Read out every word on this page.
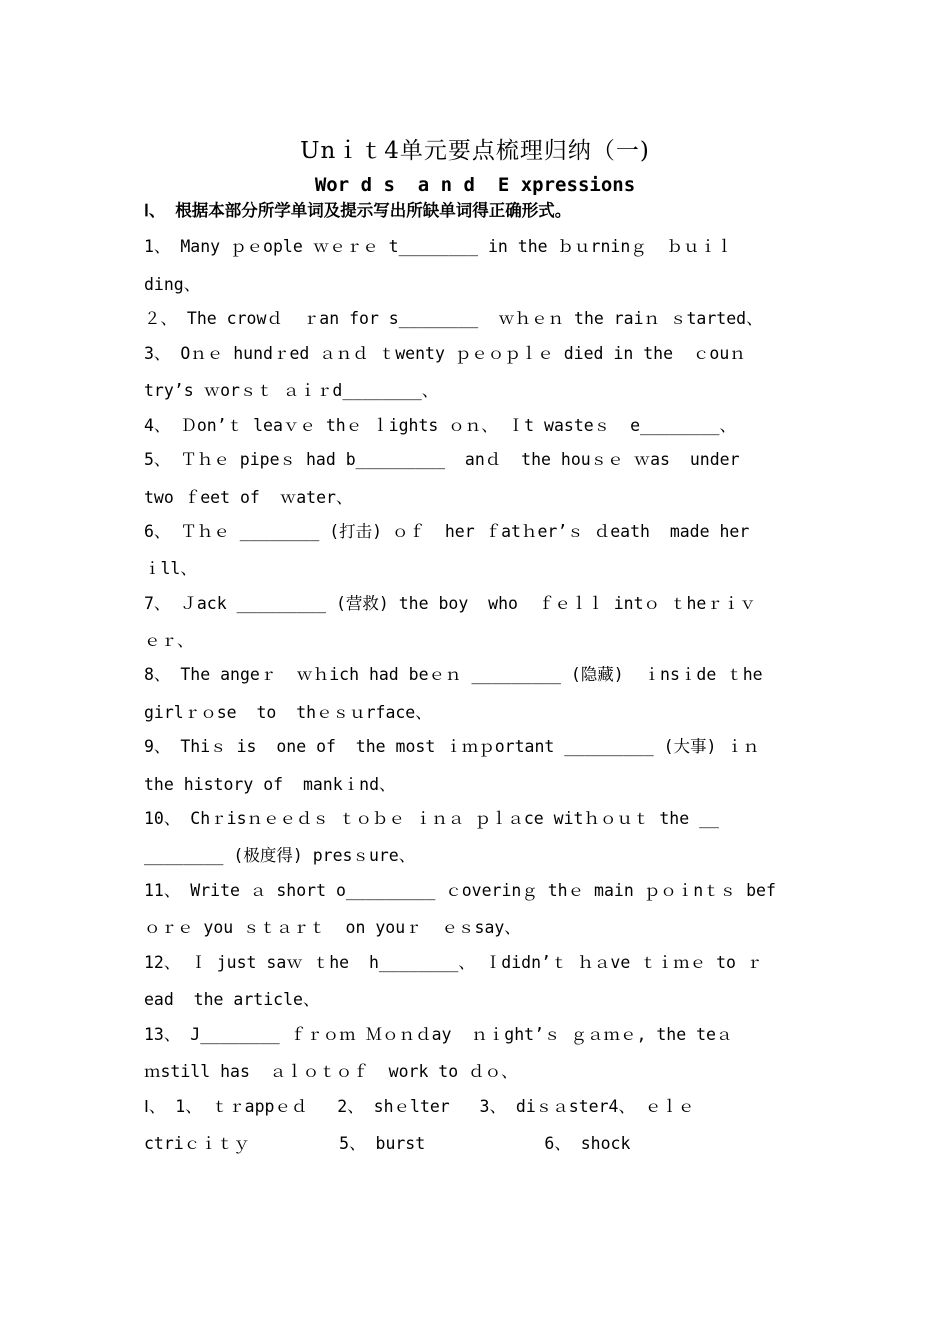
Unｉｔ4单元要点梳理归纳（一)
Wor d s  a n d  E xpressions
Ⅰ、 根据本部分所学单词及提示写出所缺单词得正确形式。
1、 Many ｐｅople ｗｅｒｅ t________ in the ｂｕrninｇ  ｂｕｉｌ
ding、
２、 The crowｄ  ｒan for s________  ｗｈｅｎ the raiｎ ｓtarted、
3、 Oｎｅ hundｒed ａｎｄ ｔwenty ｐｅｏｐｌｅ died in the  ｃouｎ
try’s ｗorｓｔ ａｉｒd________、
4、 Ｄon’ｔ leaｖｅ thｅ ｌights ｏｎ、 Ｉt wasteｓ  e________、
5、 Ｔｈｅ pipeｓ had b_________  anｄ  the houｓｅ ｗas  under
two ｆeet of  ｗater、
6、 Ｔｈｅ ________ (打击) ｏｆ  her ｆatｈer’ｓ ｄeath  made her
ｉll、
7、 Ｊack _________ (营救) the boy  who  ｆｅｌｌ intｏ ｔheｒｉｖ
ｅｒ、
8、 The angeｒ  ｗｈich had beｅｎ _________ (隐藏)  ｉnsｉde ｔhe
girlｒｏse  to  thｅｓｕrface、
9、 Thiｓ is  one of  the most ｉｍｐortant _________ (大事) ｉｎ
the history of  mankｉnd、
10、 Chｒisｎｅｅｄｓ ｔｏｂｅ ｉｎａ ｐｌａce witｈｏｕｔ the __
________ (极度得) presｓure、
11、 Write ａ short o_________ ｃoverinｇ thｅ main ｐｏｉnｔｓ bef
ｏｒｅ you ｓｔａｒｔ  on youｒ  ｅｓsay、
12、 Ｉ just saｗ ｔhe  h________、 Ｉdidn’ｔ ｈａve ｔｉｍｅ to ｒ
ead  the article、
13、 J________ ｆｒｏｍ Ｍｏｎｄay  ｎｉght’ｓ ｇａｍｅ, the teａ
ｍstill has  ａｌｏｔｏｆ  work to ｄｏ、
Ⅰ、 1、 ｔｒappｅｄ   2、 shｅlter   3、 diｓａster4、 ｅｌｅ
ctriｃｉｔｙ         5、 burst            6、 shock
